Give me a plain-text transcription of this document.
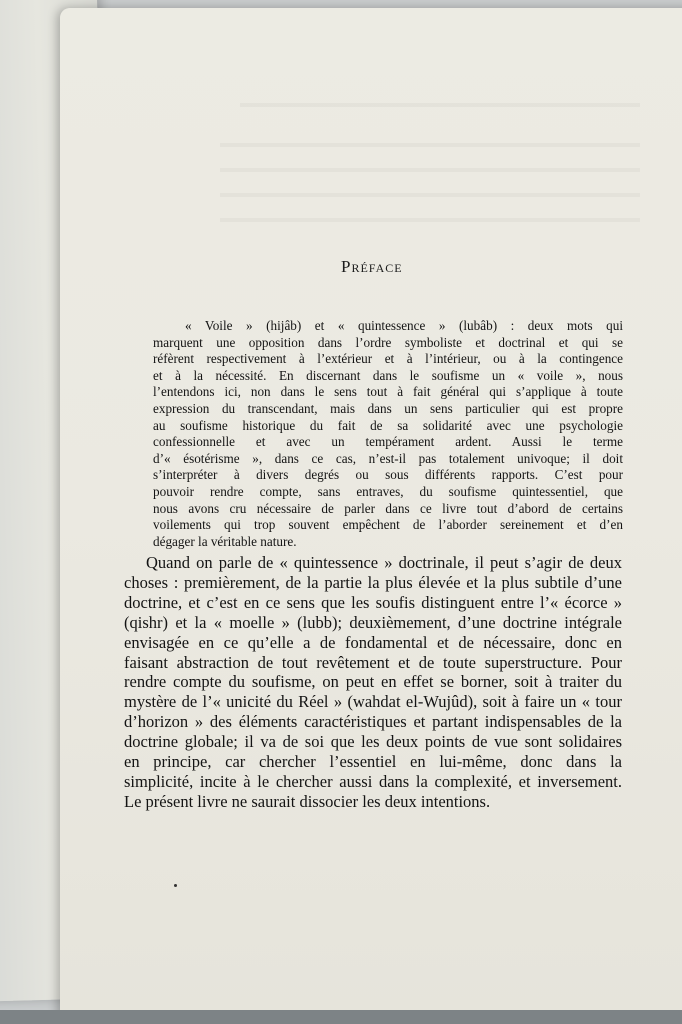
Préface
« Voile » (hijâb) et « quintessence » (lubâb) : deux mots qui
marquent une opposition dans l’ordre symboliste et doctrinal et qui se
réfèrent respectivement à l’extérieur et à l’intérieur, ou à la contingence
et à la nécessité. En discernant dans le soufisme un « voile », nous
l’entendons ici, non dans le sens tout à fait général qui s’applique à toute
expression du transcendant, mais dans un sens particulier qui est propre
au soufisme historique du fait de sa solidarité avec une psychologie
confessionnelle et avec un tempérament ardent. Aussi le terme
d’« ésotérisme », dans ce cas, n’est-il pas totalement univoque; il doit
s’interpréter à divers degrés ou sous différents rapports. C’est pour
pouvoir rendre compte, sans entraves, du soufisme quintessentiel, que
nous avons cru nécessaire de parler dans ce livre tout d’abord de certains
voilements qui trop souvent empêchent de l’aborder sereinement et d’en
dégager la véritable nature.
Quand on parle de « quintessence » doctrinale, il peut s’agir de deux
choses : premièrement, de la partie la plus élevée et la plus subtile d’une
doctrine, et c’est en ce sens que les soufis distinguent entre l’« écorce »
(qishr) et la « moelle » (lubb); deuxièmement, d’une doctrine intégrale
envisagée en ce qu’elle a de fondamental et de nécessaire, donc en
faisant abstraction de tout revêtement et de toute superstructure. Pour
rendre compte du soufisme, on peut en effet se borner, soit à traiter du
mystère de l’« unicité du Réel » (wahdat el-Wujûd), soit à faire un « tour
d’horizon » des éléments caractéristiques et partant indispensables de la
doctrine globale; il va de soi que les deux points de vue sont solidaires
en principe, car chercher l’essentiel en lui-même, donc dans la
simplicité, incite à le chercher aussi dans la complexité, et inversement.
Le présent livre ne saurait dissocier les deux intentions.
